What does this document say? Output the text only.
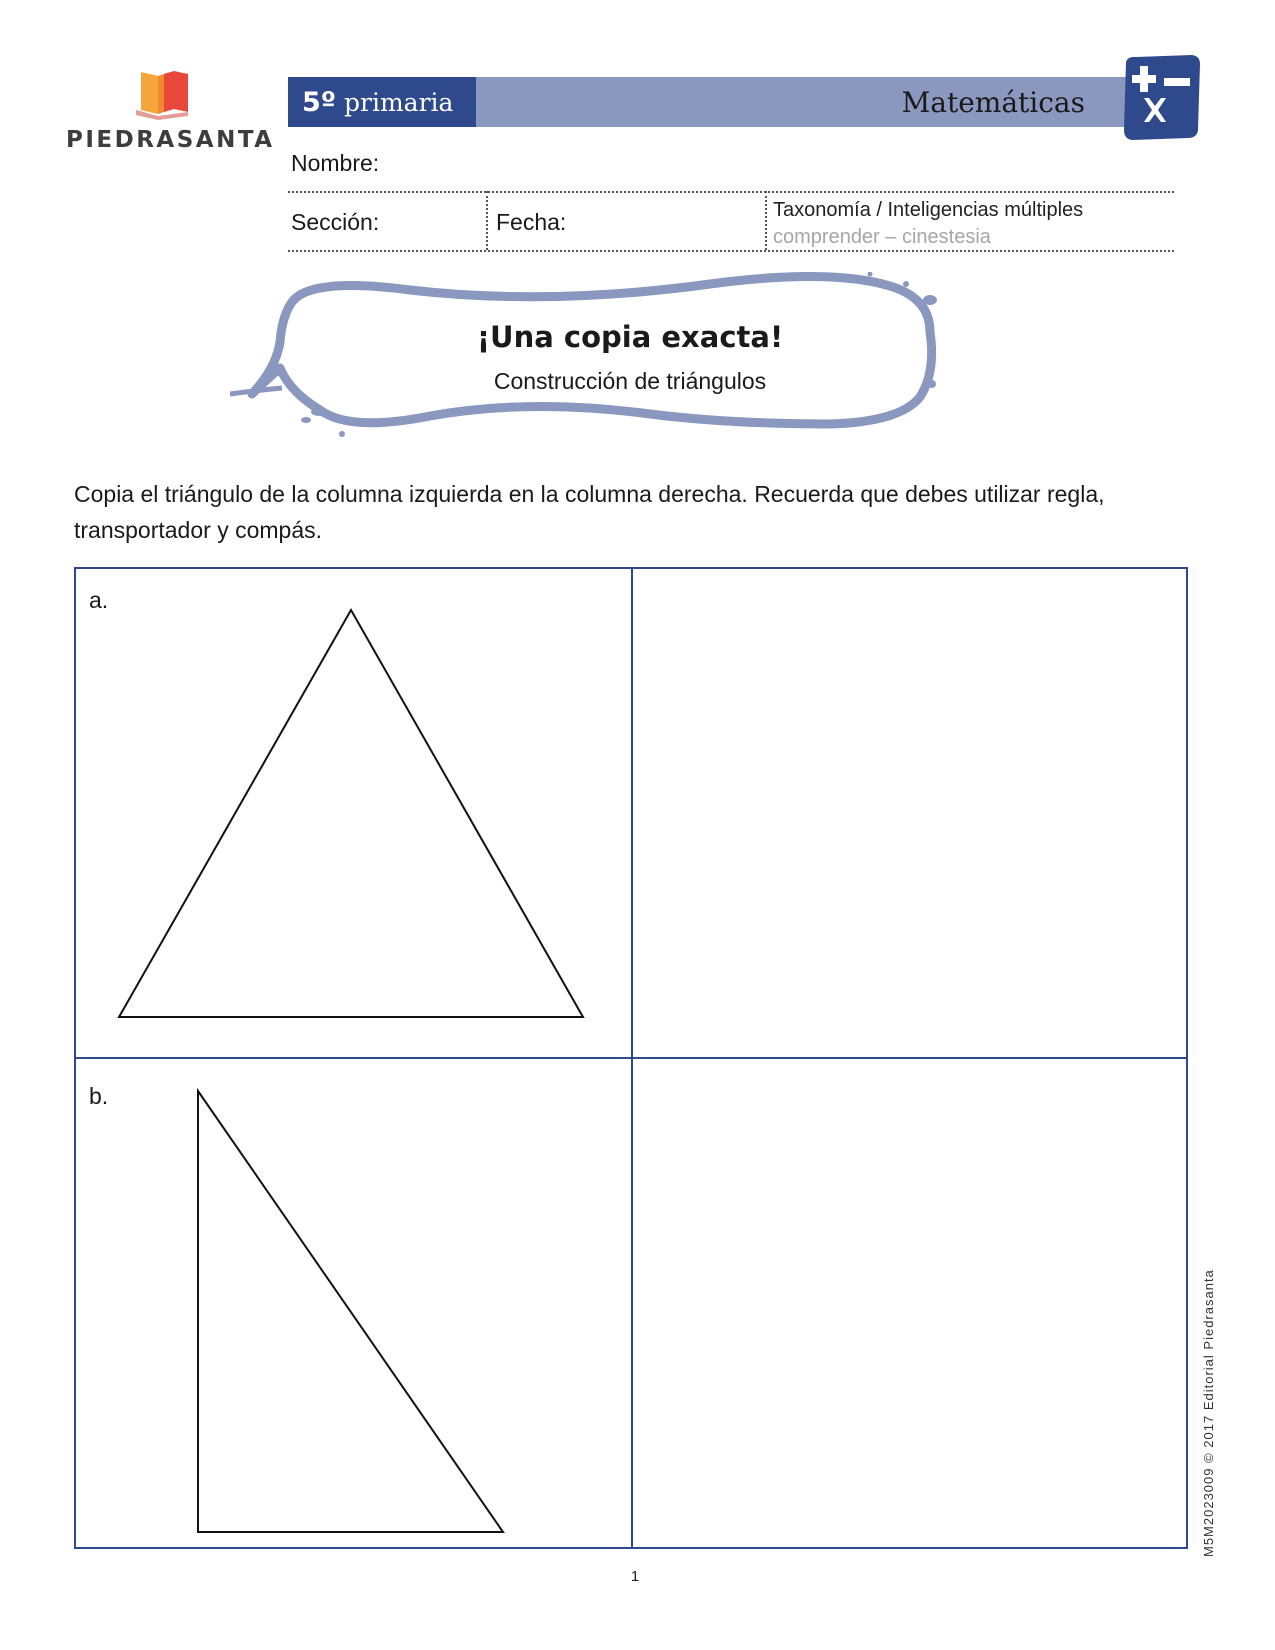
PIEDRASANTA
5º primaria	Matemáticas
Nombre:
Sección:	Fecha:	Taxonomía / Inteligencias múltiples
comprender – cinestesia
¡Una copia exacta!
Construcción de triángulos
Copia el triángulo de la columna izquierda en la columna derecha. Recuerda que debes utilizar regla, transportador y compás.
a.
b.
M5M2023009 © 2017 Editorial Piedrasanta
1
